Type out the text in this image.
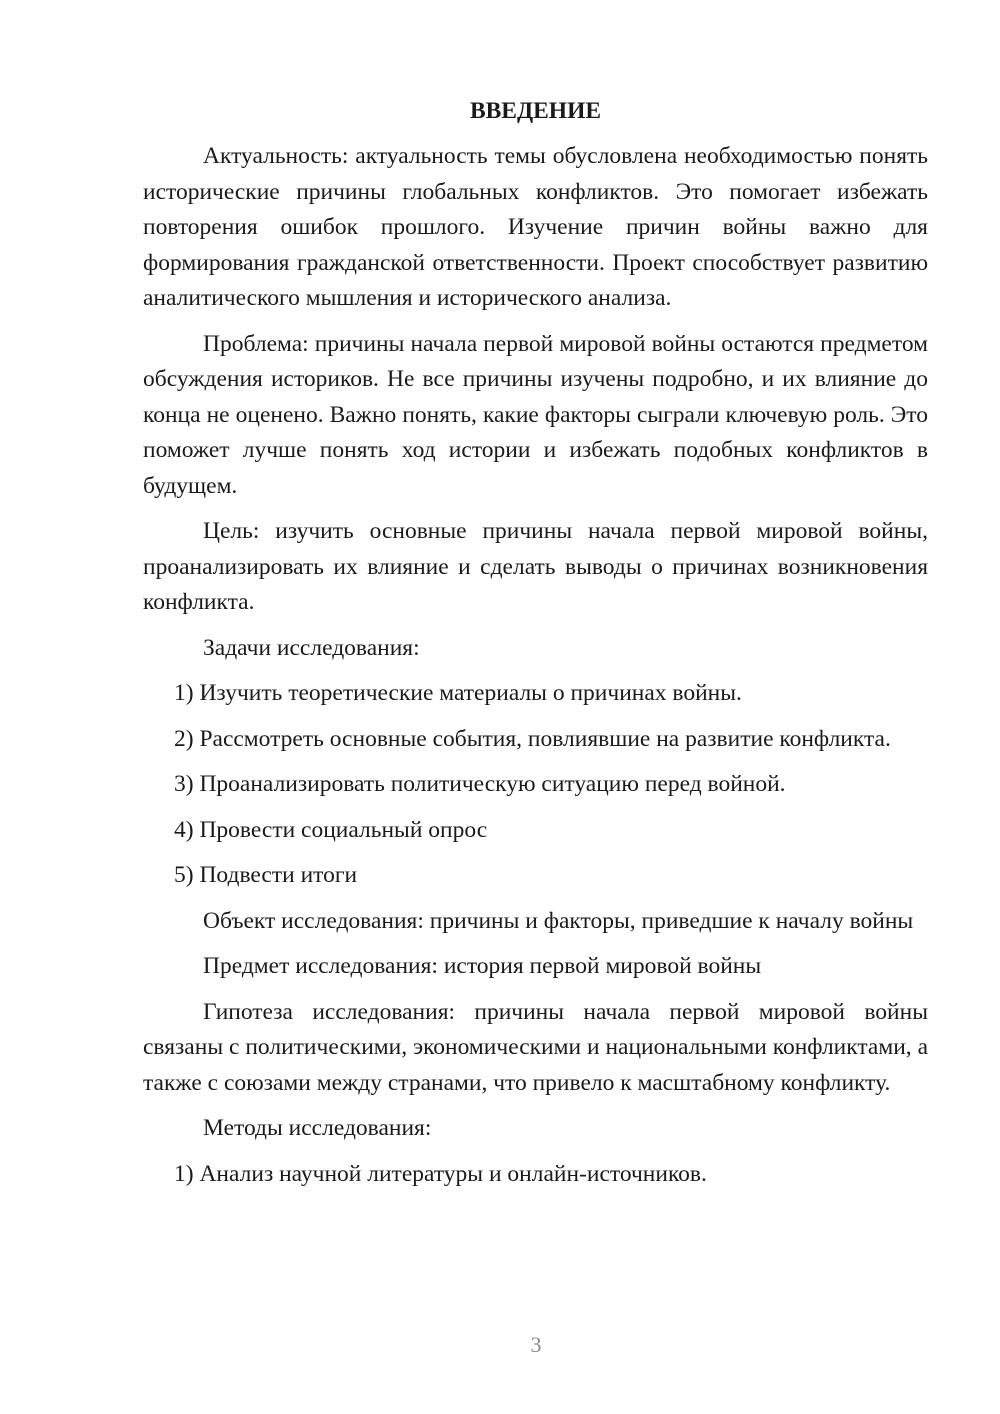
ВВЕДЕНИЕ
Актуальность: актуальность темы обусловлена необходимостью понять исторические причины глобальных конфликтов. Это помогает избежать повторения ошибок прошлого. Изучение причин войны важно для формирования гражданской ответственности. Проект способствует развитию аналитического мышления и исторического анализа.
Проблема: причины начала первой мировой войны остаются предметом обсуждения историков. Не все причины изучены подробно, и их влияние до конца не оценено. Важно понять, какие факторы сыграли ключевую роль. Это поможет лучше понять ход истории и избежать подобных конфликтов в будущем.
Цель: изучить основные причины начала первой мировой войны, проанализировать их влияние и сделать выводы о причинах возникновения конфликта.
Задачи исследования:
1) Изучить теоретические материалы о причинах войны.
2) Рассмотреть основные события, повлиявшие на развитие конфликта.
3) Проанализировать политическую ситуацию перед войной.
4) Провести социальный опрос
5) Подвести итоги
Объект исследования: причины и факторы, приведшие к началу войны
Предмет исследования: история первой мировой войны
Гипотеза исследования: причины начала первой мировой войны связаны с политическими, экономическими и национальными конфликтами, а также с союзами между странами, что привело к масштабному конфликту.
Методы исследования:
1) Анализ научной литературы и онлайн-источников.
3
